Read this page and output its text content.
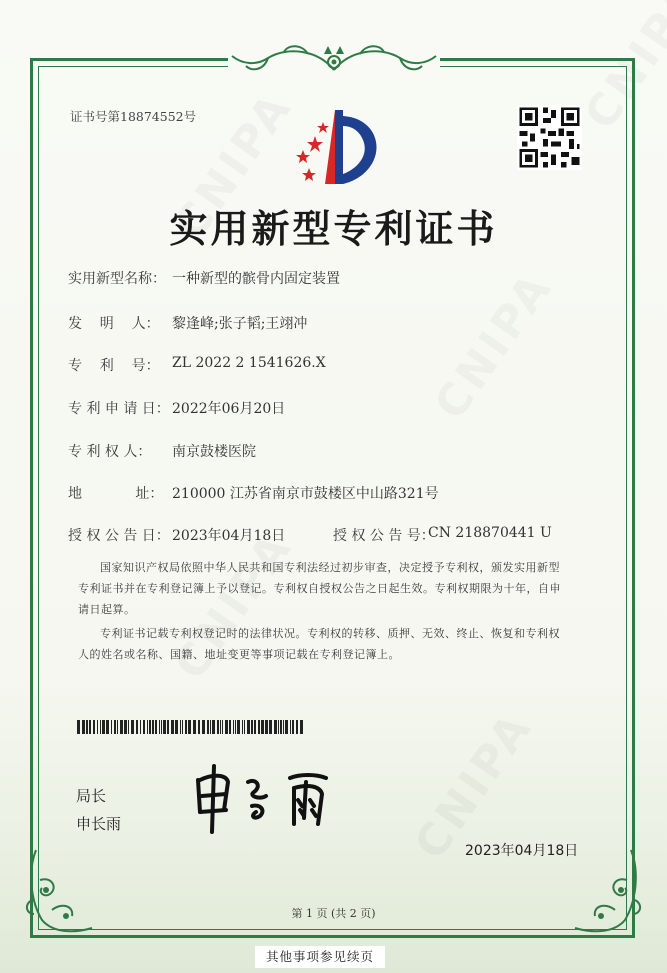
证书号第18874552号
实用新型专利证书
实用新型名称： 一种新型的髌骨内固定装置
发    明    人： 黎逢峰;张子韬;王翊冲
专    利    号： ZL 2022 2 1541626.X
专 利 申 请 日： 2022年06月20日
专 利 权 人： 南京鼓楼医院
地            址： 210000 江苏省南京市鼓楼区中山路321号
授 权 公 告 日： 2023年04月18日	授 权 公 告 号：
CN 218870441 U
国家知识产权局依照中华人民共和国专利法经过初步审查，决定授予专利权，颁发实用新型
专利证书并在专利登记簿上予以登记。专利权自授权公告之日起生效。专利权期限为十年，自申
请日起算。
专利证书记载专利权登记时的法律状况。专利权的转移、质押、无效、终止、恢复和专利权
人的姓名或名称、国籍、地址变更等事项记载在专利登记簿上。
局长
申长雨
2023年04月18日
第 1 页 (共 2 页)
其他事项参见续页
